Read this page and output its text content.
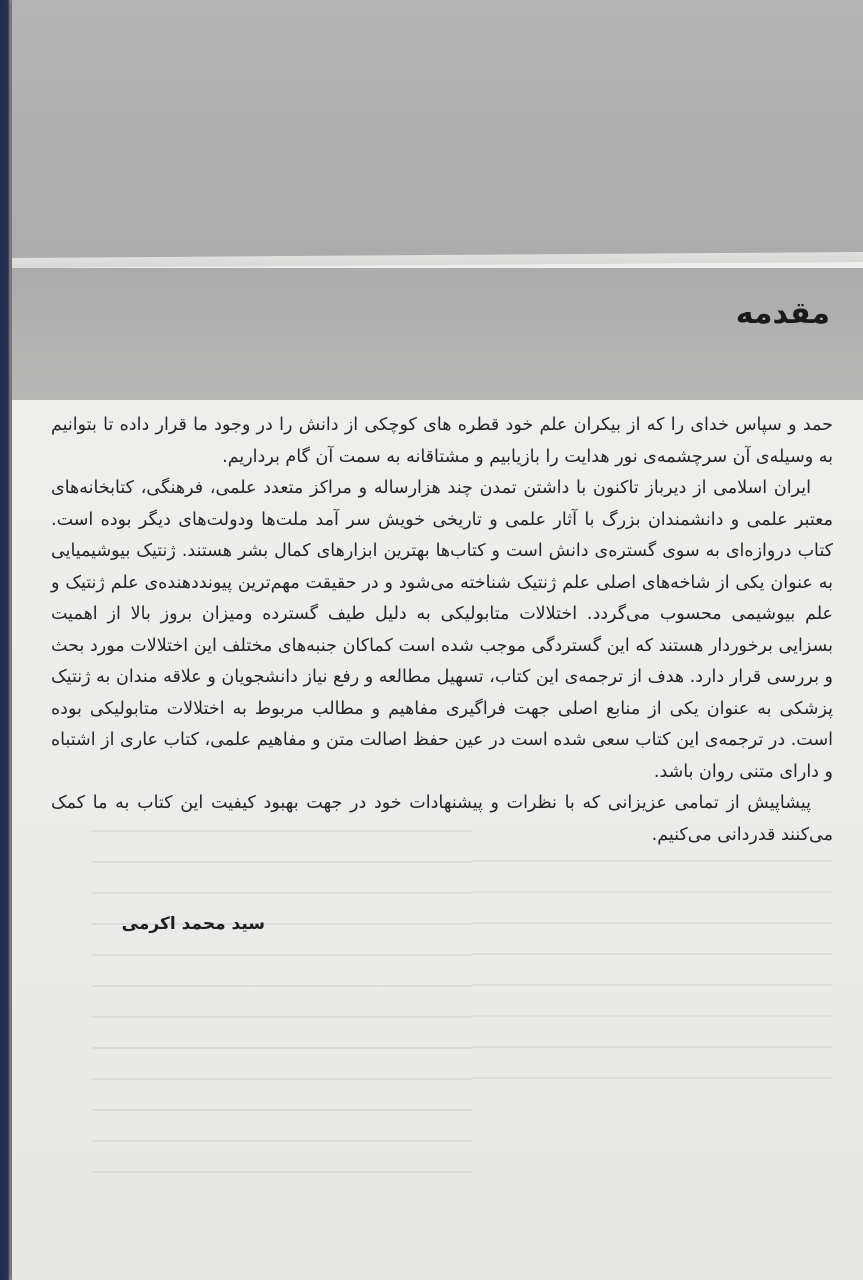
مقدمه

حمد و سپاس خدای را که از بیکران علم خود قطره های کوچکی از دانش را در وجود ما قرار داده تا بتوانیم به وسیله‌ی آن سرچشمه‌ی نور هدایت را بازیابیم و مشتاقانه به سمت آن گام برداریم.

ایران اسلامی از دیرباز تاکنون با داشتن تمدن چند هزارساله و مراکز متعدد علمی، فرهنگی، کتابخانه‌های معتبر علمی و دانشمندان بزرگ با آثار علمی و تاریخی خویش سر آمد ملت‌ها ودولت‌های دیگر بوده است. کتاب دروازه‌ای به سوی گستره‌ی دانش است و کتاب‌ها بهترین ابزارهای کمال بشر هستند. ژنتیک بیوشیمیایی به عنوان یکی از شاخه‌های اصلی علم ژنتیک شناخته می‌شود و در حقیقت مهم‌ترین پیونددهنده‌ی علم ژنتیک و علم بیوشیمی محسوب می‌گردد. اختلالات متابولیکی به دلیل طیف گسترده ومیزان بروز بالا از اهمیت بسزایی برخوردار هستند که این گستردگی موجب شده است کماکان جنبه‌های مختلف این اختلالات مورد بحث و بررسی قرار دارد. هدف از ترجمه‌ی این کتاب، تسهیل مطالعه و رفع نیاز دانشجویان و علاقه مندان به ژنتیک پزشکی به عنوان یکی از منابع اصلی جهت فراگیری مفاهیم و مطالب مربوط به اختلالات متابولیکی بوده است. در ترجمه‌ی این کتاب سعی شده است در عین حفظ اصالت متن و مفاهیم علمی، کتاب عاری از اشتباه و دارای متنی روان باشد.

پیشاپیش از تمامی عزیزانی که با نظرات و پیشنهادات خود در جهت بهبود کیفیت این کتاب به ما کمک می‌کنند قدردانی می‌کنیم.

سید محمد اکرمی
